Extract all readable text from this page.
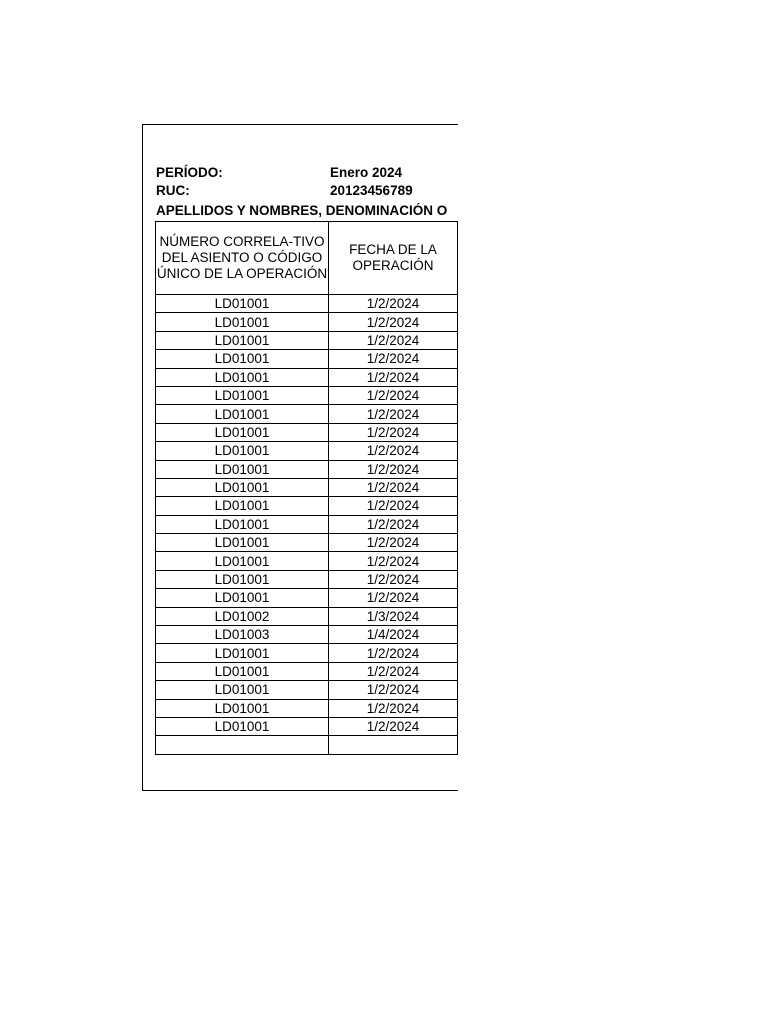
PERÍODO:	Enero 2024
RUC:	20123456789
APELLIDOS Y NOMBRES, DENOMINACIÓN O
NÚMERO CORRELA-TIVO DEL ASIENTO O CÓDIGO ÚNICO DE LA OPERACIÓN	FECHA DE LA OPERACIÓN
LD01001	1/2/2024
LD01001	1/2/2024
LD01001	1/2/2024
LD01001	1/2/2024
LD01001	1/2/2024
LD01001	1/2/2024
LD01001	1/2/2024
LD01001	1/2/2024
LD01001	1/2/2024
LD01001	1/2/2024
LD01001	1/2/2024
LD01001	1/2/2024
LD01001	1/2/2024
LD01001	1/2/2024
LD01001	1/2/2024
LD01001	1/2/2024
LD01001	1/2/2024
LD01002	1/3/2024
LD01003	1/4/2024
LD01001	1/2/2024
LD01001	1/2/2024
LD01001	1/2/2024
LD01001	1/2/2024
LD01001	1/2/2024
